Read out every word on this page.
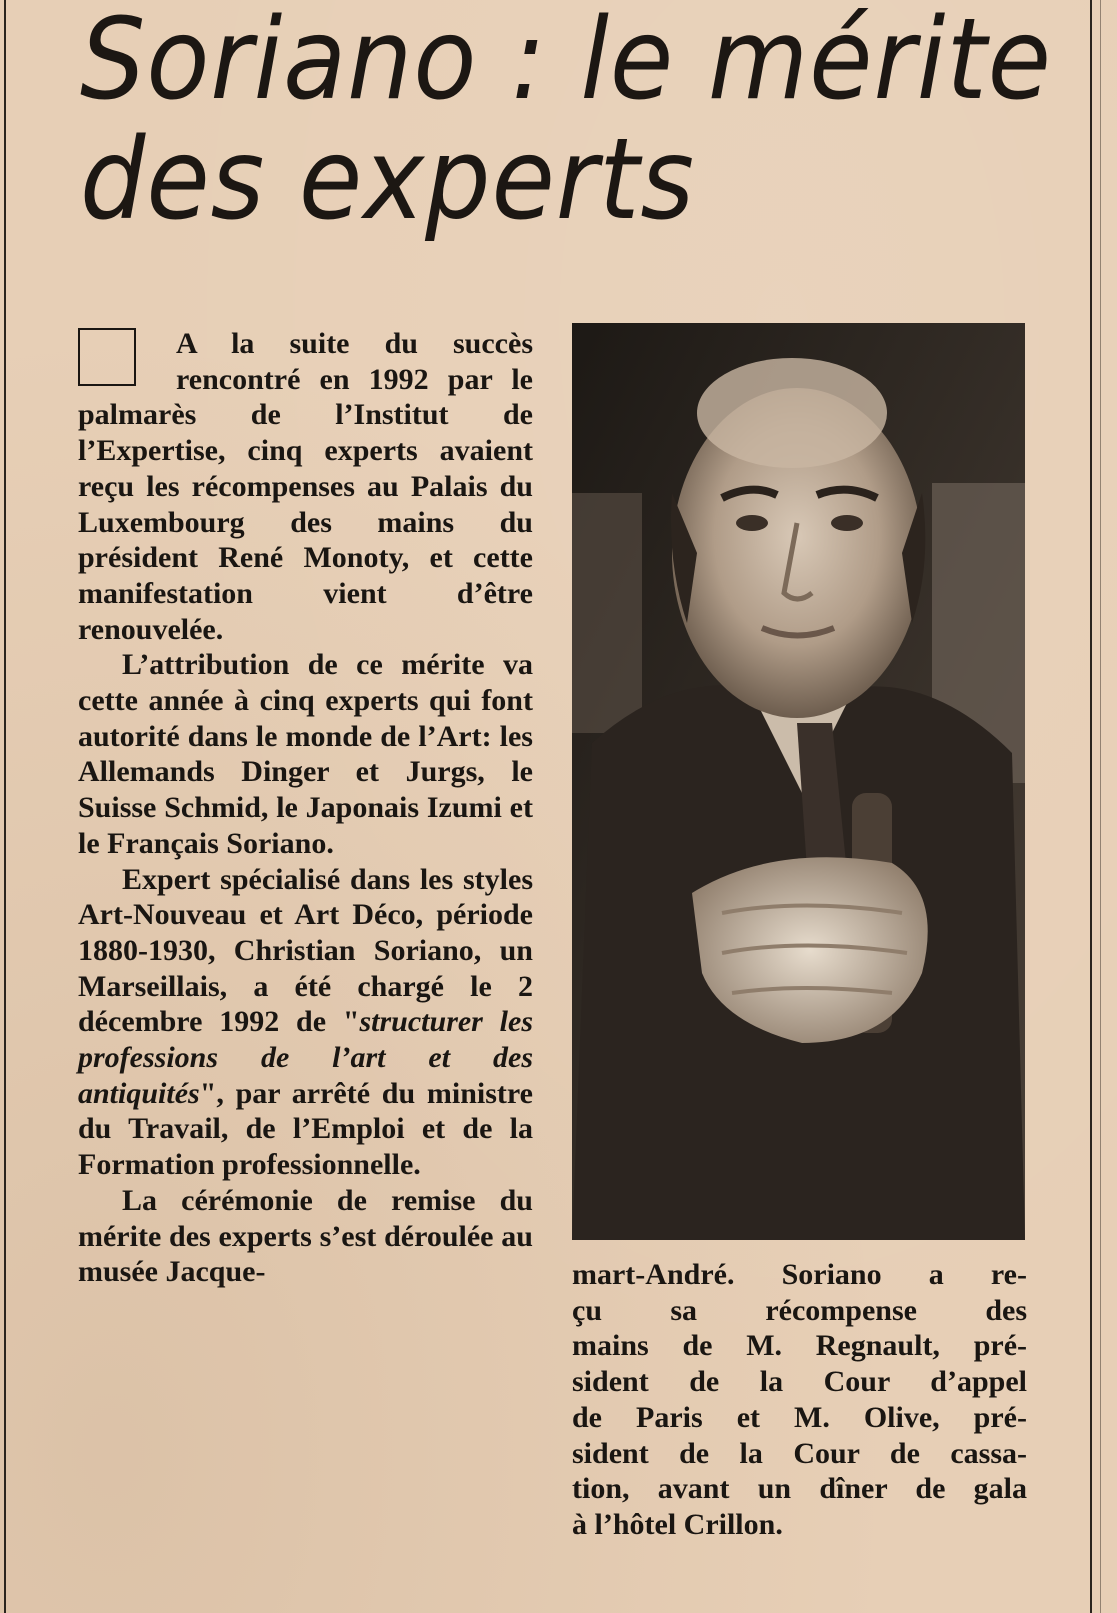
Soriano : le mérite
des experts

A la suite du succès rencontré en 1992 par le palmarès de l’Institut de l’Expertise, cinq experts avaient reçu les récompenses au Palais du Luxembourg des mains du président René Monoty, et cette manifestation vient d’être renouvelée.

L’attribution de ce mérite va cette année à cinq experts qui font autorité dans le monde de l’Art: les Allemands Dinger et Jurgs, le Suisse Schmid, le Japonais Izumi et le Français Soriano.

Expert spécialisé dans les styles Art-Nouveau et Art Déco, période 1880-1930, Christian Soriano, un Marseillais, a été chargé le 2 décembre 1992 de "structurer les professions de l’art et des antiquités", par arrêté du ministre du Travail, de l’Emploi et de la Formation professionnelle.

La cérémonie de remise du mérite des experts s’est déroulée au musée Jacque-	mart-André. Soriano a re-
çu sa récompense des
mains de M. Regnault, pré-
sident de la Cour d’appel
de Paris et M. Olive, pré-
sident de la Cour de cassa-
tion, avant un dîner de gala
à l’hôtel Crillon.
